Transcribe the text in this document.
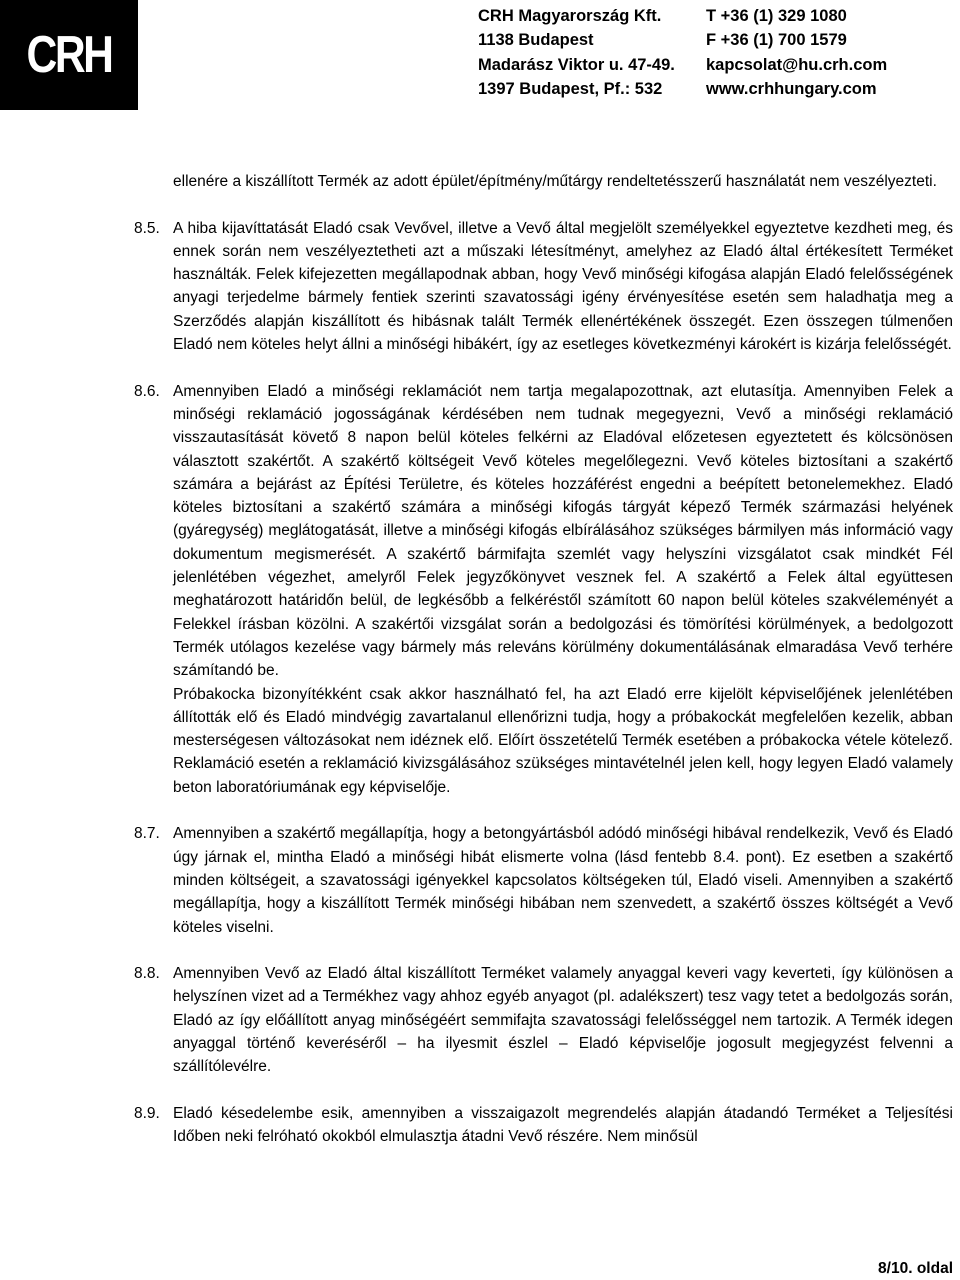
CRH
CRH Magyarország Kft.
1138 Budapest
Madarász Viktor u. 47-49.
1397 Budapest, Pf.: 532
T +36 (1) 329 1080
F +36 (1) 700 1579
kapcsolat@hu.crh.com
www.crhhungary.com
ellenére a kiszállított Termék az adott épület/építmény/műtárgy rendeltetésszerű használatát nem veszélyezteti.
8.5. A hiba kijavíttatását Eladó csak Vevővel, illetve a Vevő által megjelölt személyekkel egyeztetve kezdheti meg, és ennek során nem veszélyeztetheti azt a műszaki létesítményt, amelyhez az Eladó által értékesített Terméket használták. Felek kifejezetten megállapodnak abban, hogy Vevő minőségi kifogása alapján Eladó felelősségének anyagi terjedelme bármely fentiek szerinti szavatossági igény érvényesítése esetén sem haladhatja meg a Szerződés alapján kiszállított és hibásnak talált Termék ellenértékének összegét. Ezen összegen túlmenően Eladó nem köteles helyt állni a minőségi hibákért, így az esetleges következményi károkért is kizárja felelősségét.
8.6. Amennyiben Eladó a minőségi reklamációt nem tartja megalapozottnak, azt elutasítja. Amennyiben Felek a minőségi reklamáció jogosságának kérdésében nem tudnak megegyezni, Vevő a minőségi reklamáció visszautasítását követő 8 napon belül köteles felkérni az Eladóval előzetesen egyeztetett és kölcsönösen választott szakértőt. A szakértő költségeit Vevő köteles megelőlegezni. Vevő köteles biztosítani a szakértő számára a bejárást az Építési Területre, és köteles hozzáférést engedni a beépített betonelemekhez. Eladó köteles biztosítani a szakértő számára a minőségi kifogás tárgyát képező Termék származási helyének (gyáregység) meglátogatását, illetve a minőségi kifogás elbírálásához szükséges bármilyen más információ vagy dokumentum megismerését. A szakértő bármifajta szemlét vagy helyszíni vizsgálatot csak mindkét Fél jelenlétében végezhet, amelyről Felek jegyzőkönyvet vesznek fel. A szakértő a Felek által együttesen meghatározott határidőn belül, de legkésőbb a felkéréstől számított 60 napon belül köteles szakvéleményét a Felekkel írásban közölni. A szakértői vizsgálat során a bedolgozási és tömörítési körülmények, a bedolgozott Termék utólagos kezelése vagy bármely más releváns körülmény dokumentálásának elmaradása Vevő terhére számítandó be.
Próbakocka bizonyítékként csak akkor használható fel, ha azt Eladó erre kijelölt képviselőjének jelenlétében állították elő és Eladó mindvégig zavartalanul ellenőrizni tudja, hogy a próbakockát megfelelően kezelik, abban mesterségesen változásokat nem idéznek elő. Előírt összetételű Termék esetében a próbakocka vétele kötelező. Reklamáció esetén a reklamáció kivizsgálásához szükséges mintavételnél jelen kell, hogy legyen Eladó valamely beton laboratóriumának egy képviselője.
8.7. Amennyiben a szakértő megállapítja, hogy a betongyártásból adódó minőségi hibával rendelkezik, Vevő és Eladó úgy járnak el, mintha Eladó a minőségi hibát elismerte volna (lásd fentebb 8.4. pont). Ez esetben a szakértő minden költségeit, a szavatossági igényekkel kapcsolatos költségeken túl, Eladó viseli. Amennyiben a szakértő megállapítja, hogy a kiszállított Termék minőségi hibában nem szenvedett, a szakértő összes költségét a Vevő köteles viselni.
8.8. Amennyiben Vevő az Eladó által kiszállított Terméket valamely anyaggal keveri vagy keverteti, így különösen a helyszínen vizet ad a Termékhez vagy ahhoz egyéb anyagot (pl. adalékszert) tesz vagy tetet a bedolgozás során, Eladó az így előállított anyag minőségéért semmifajta szavatossági felelősséggel nem tartozik. A Termék idegen anyaggal történő keveréséről – ha ilyesmit észlel – Eladó képviselője jogosult megjegyzést felvenni a szállítólevélre.
8.9. Eladó késedelembe esik, amennyiben a visszaigazolt megrendelés alapján átadandó Terméket a Teljesítési Időben neki felróható okokból elmulasztja átadni Vevő részére. Nem minősül
8/10. oldal
